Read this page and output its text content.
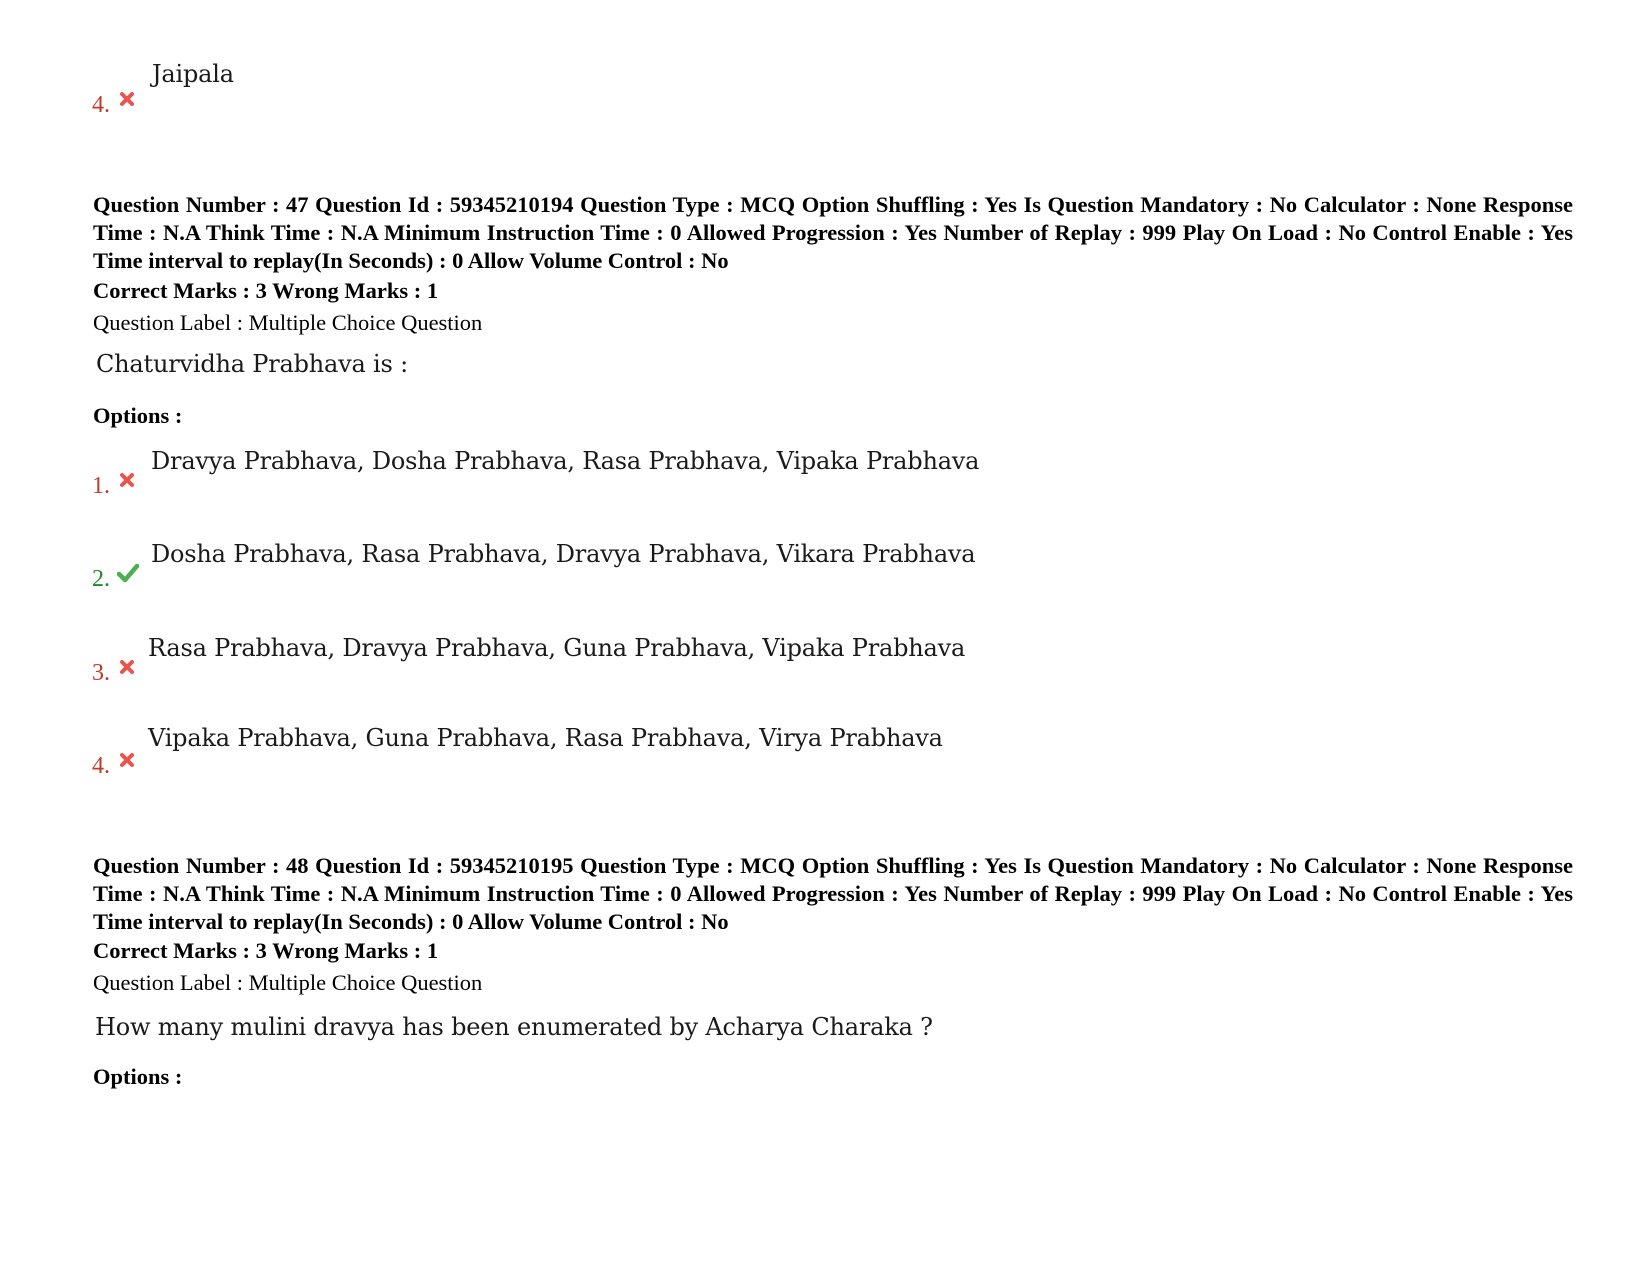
Jaipala
4.
Question Number : 47 Question Id : 59345210194 Question Type : MCQ Option Shuffling : Yes Is Question Mandatory : No Calculator : None Response Time : N.A Think Time : N.A Minimum Instruction Time : 0 Allowed Progression : Yes Number of Replay : 999 Play On Load : No Control Enable : Yes Time interval to replay(In Seconds) : 0 Allow Volume Control : No
Correct Marks : 3 Wrong Marks : 1
Question Label : Multiple Choice Question
Chaturvidha Prabhava is :
Options :
Dravya Prabhava, Dosha Prabhava, Rasa Prabhava, Vipaka Prabhava
1.
Dosha Prabhava, Rasa Prabhava, Dravya Prabhava, Vikara Prabhava
2.
Rasa Prabhava, Dravya Prabhava, Guna Prabhava, Vipaka Prabhava
3.
Vipaka Prabhava, Guna Prabhava, Rasa Prabhava, Virya Prabhava
4.
Question Number : 48 Question Id : 59345210195 Question Type : MCQ Option Shuffling : Yes Is Question Mandatory : No Calculator : None Response Time : N.A Think Time : N.A Minimum Instruction Time : 0 Allowed Progression : Yes Number of Replay : 999 Play On Load : No Control Enable : Yes Time interval to replay(In Seconds) : 0 Allow Volume Control : No
Correct Marks : 3 Wrong Marks : 1
Question Label : Multiple Choice Question
How many mulini dravya has been enumerated by Acharya Charaka ?
Options :
